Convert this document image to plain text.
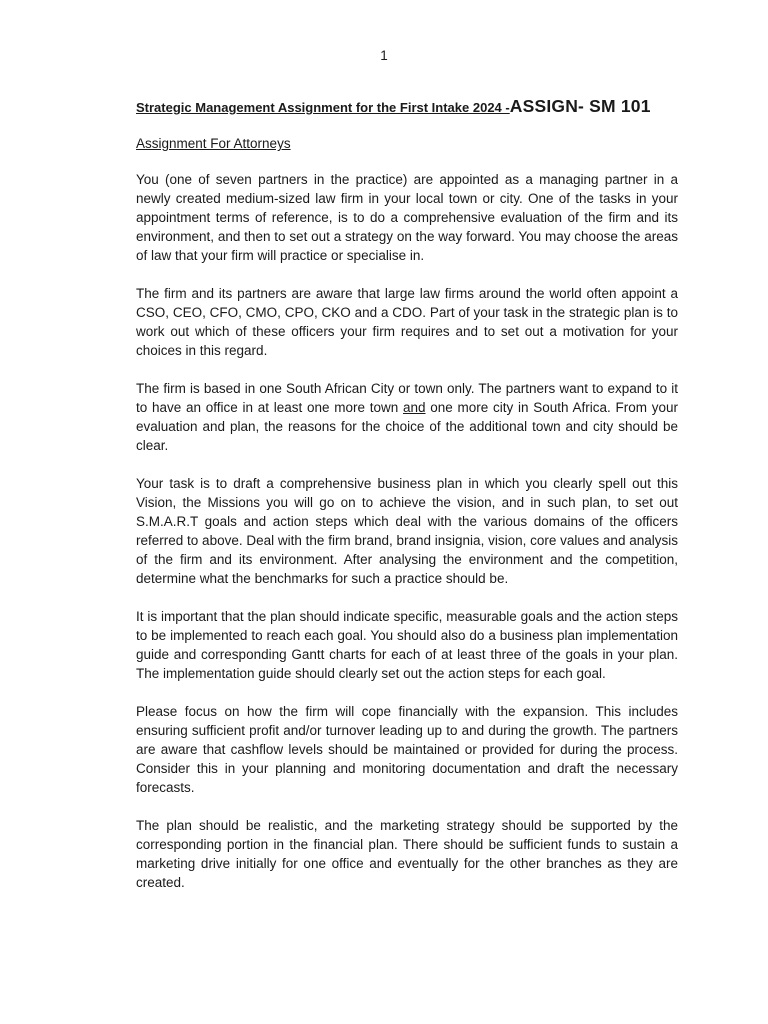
1

Strategic Management Assignment for the First Intake 2024 -ASSIGN- SM 101

Assignment For Attorneys

You (one of seven partners in the practice) are appointed as a managing partner in a newly created medium-sized law firm in your local town or city. One of the tasks in your appointment terms of reference, is to do a comprehensive evaluation of the firm and its environment, and then to set out a strategy on the way forward. You may choose the areas of law that your firm will practice or specialise in.

The firm and its partners are aware that large law firms around the world often appoint a CSO, CEO, CFO, CMO, CPO, CKO and a CDO. Part of your task in the strategic plan is to work out which of these officers your firm requires and to set out a motivation for your choices in this regard.

The firm is based in one South African City or town only. The partners want to expand to it to have an office in at least one more town and one more city in South Africa. From your evaluation and plan, the reasons for the choice of the additional town and city should be clear.

Your task is to draft a comprehensive business plan in which you clearly spell out this Vision, the Missions you will go on to achieve the vision, and in such plan, to set out S.M.A.R.T goals and action steps which deal with the various domains of the officers referred to above. Deal with the firm brand, brand insignia, vision, core values and analysis of the firm and its environment. After analysing the environment and the competition, determine what the benchmarks for such a practice should be.

It is important that the plan should indicate specific, measurable goals and the action steps to be implemented to reach each goal. You should also do a business plan implementation guide and corresponding Gantt charts for each of at least three of the goals in your plan. The implementation guide should clearly set out the action steps for each goal.

Please focus on how the firm will cope financially with the expansion. This includes ensuring sufficient profit and/or turnover leading up to and during the growth. The partners are aware that cashflow levels should be maintained or provided for during the process. Consider this in your planning and monitoring documentation and draft the necessary forecasts.

The plan should be realistic, and the marketing strategy should be supported by the corresponding portion in the financial plan. There should be sufficient funds to sustain a marketing drive initially for one office and eventually for the other branches as they are created.
